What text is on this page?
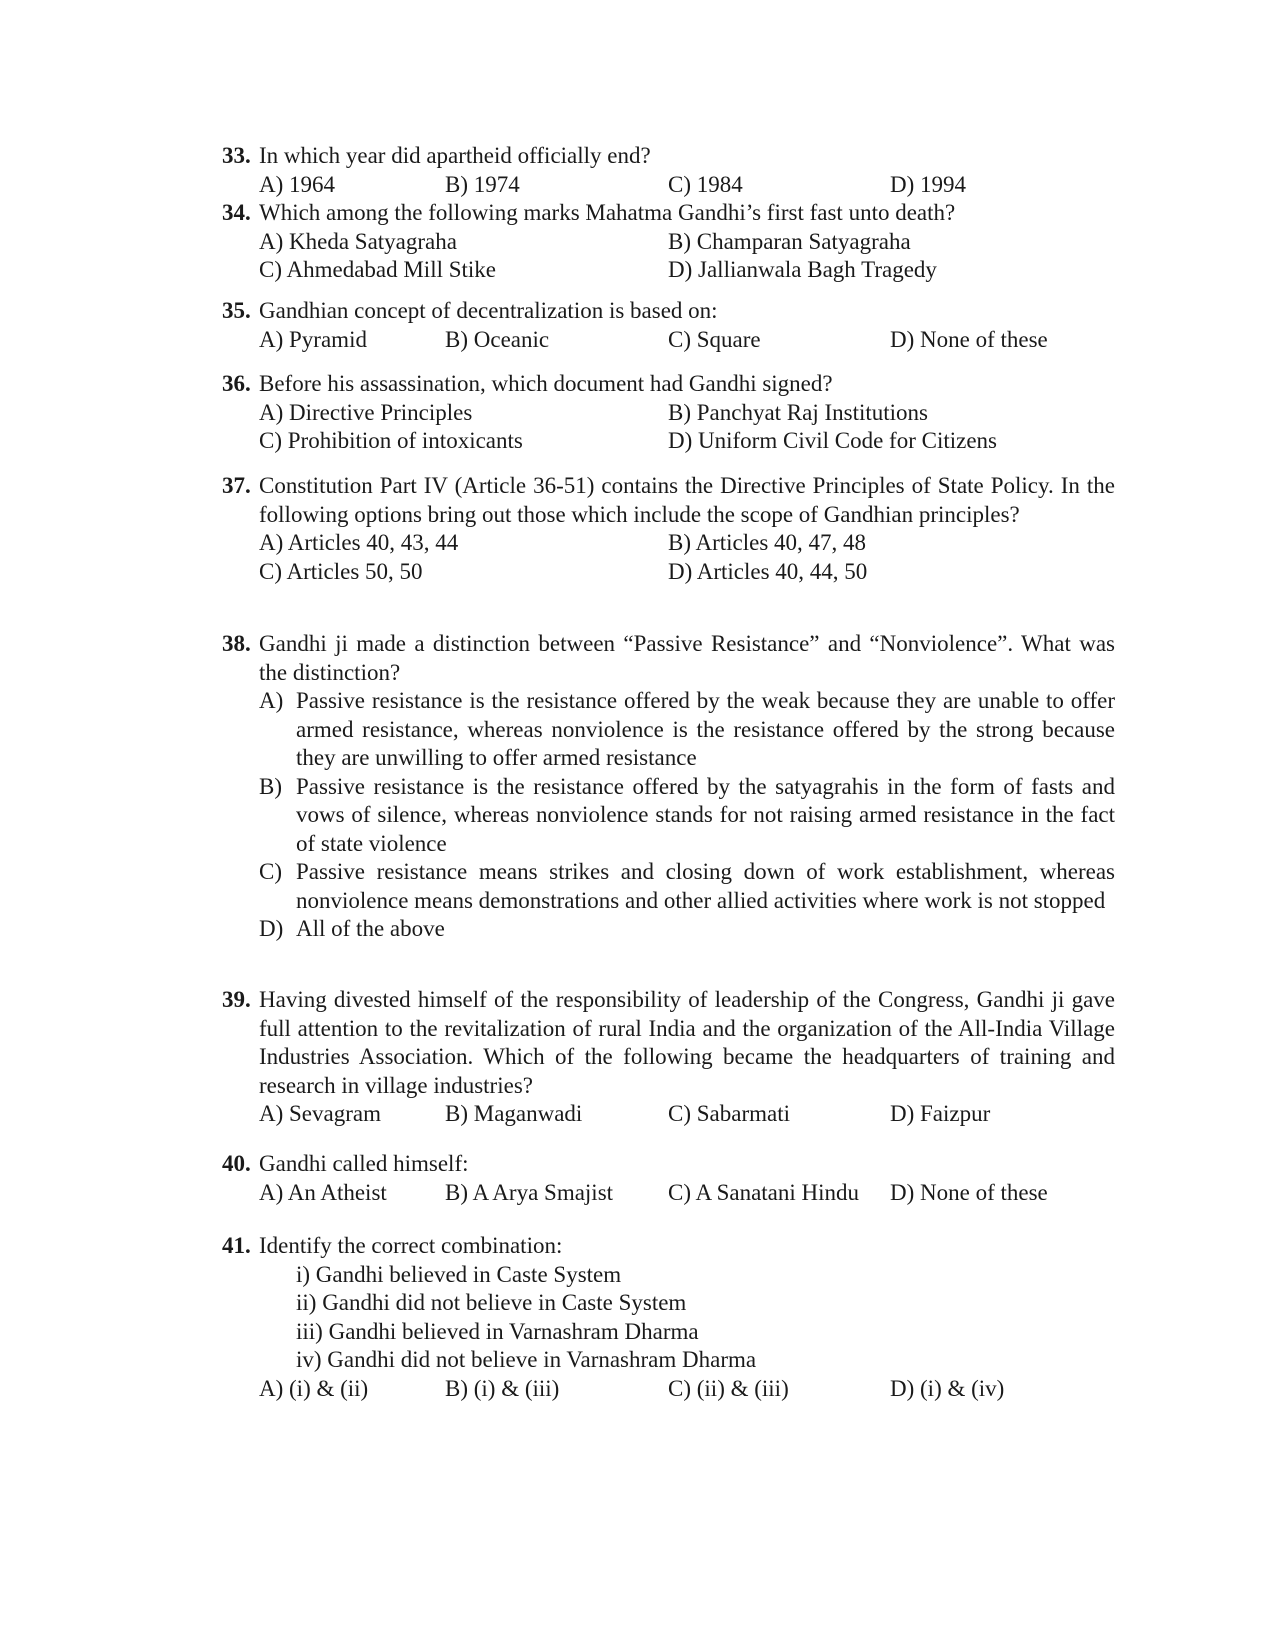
33. In which year did apartheid officially end?
A) 1964	B) 1974	C) 1984	D) 1994
34. Which among the following marks Mahatma Gandhi’s first fast unto death?
A) Kheda Satyagraha	B) Champaran Satyagraha
C) Ahmedabad Mill Stike	D) Jallianwala Bagh Tragedy
35. Gandhian concept of decentralization is based on:
A) Pyramid	B) Oceanic	C) Square	D) None of these
36. Before his assassination, which document had Gandhi signed?
A) Directive Principles	B) Panchyat Raj Institutions
C) Prohibition of intoxicants	D) Uniform Civil Code for Citizens
37. Constitution Part IV (Article 36-51) contains the Directive Principles of State Policy. In the following options bring out those which include the scope of Gandhian principles?
A) Articles 40, 43, 44	B) Articles 40, 47, 48
C) Articles 50, 50	D) Articles 40, 44, 50
38. Gandhi ji made a distinction between “Passive Resistance” and “Nonviolence”. What was the distinction?
A) Passive resistance is the resistance offered by the weak because they are unable to offer armed resistance, whereas nonviolence is the resistance offered by the strong because they are unwilling to offer armed resistance
B) Passive resistance is the resistance offered by the satyagrahis in the form of fasts and vows of silence, whereas nonviolence stands for not raising armed resistance in the fact of state violence
C) Passive resistance means strikes and closing down of work establishment, whereas nonviolence means demonstrations and other allied activities where work is not stopped
D) All of the above
39. Having divested himself of the responsibility of leadership of the Congress, Gandhi ji gave full attention to the revitalization of rural India and the organization of the All-India Village Industries Association. Which of the following became the headquarters of training and research in village industries?
A) Sevagram	B) Maganwadi	C) Sabarmati	D) Faizpur
40. Gandhi called himself:
A) An Atheist	B) A Arya Smajist C) A Sanatani Hindu D) None of these
41. Identify the correct combination:
i) Gandhi believed in Caste System
ii) Gandhi did not believe in Caste System
iii) Gandhi believed in Varnashram Dharma
iv) Gandhi did not believe in Varnashram Dharma
A) (i) & (ii)	B) (i) & (iii)	C) (ii) & (iii)	D) (i) & (iv)
